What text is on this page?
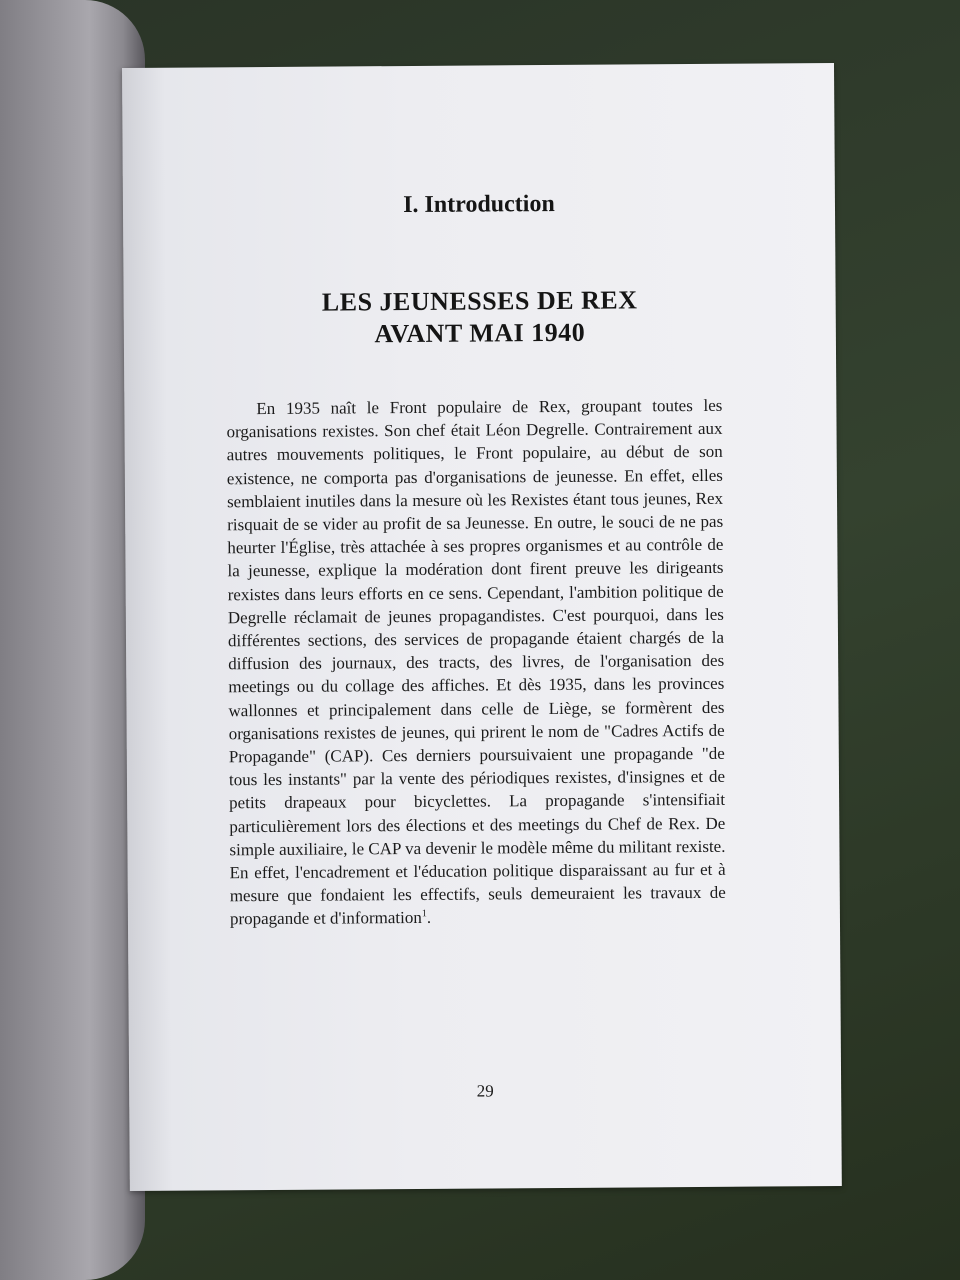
I. Introduction
LES JEUNESSES DE REX
AVANT MAI 1940

En 1935 naît le Front populaire de Rex, groupant toutes les organisations rexistes. Son chef était Léon Degrelle. Contrairement aux autres mouvements politiques, le Front populaire, au début de son existence, ne comporta pas d'organisations de jeunesse. En effet, elles semblaient inutiles dans la mesure où les Rexistes étant tous jeunes, Rex risquait de se vider au profit de sa Jeunesse. En outre, le souci de ne pas heurter l'Église, très attachée à ses propres organismes et au contrôle de la jeunesse, explique la modération dont firent preuve les dirigeants rexistes dans leurs efforts en ce sens. Cependant, l'ambition politique de Degrelle réclamait de jeunes propagandistes. C'est pourquoi, dans les différentes sections, des services de propagande étaient chargés de la diffusion des journaux, des tracts, des livres, de l'organisation des meetings ou du collage des affiches. Et dès 1935, dans les provinces wallonnes et principalement dans celle de Liège, se formèrent des organisations rexistes de jeunes, qui prirent le nom de "Cadres Actifs de Propagande" (CAP). Ces derniers poursuivaient une propagande "de tous les instants" par la vente des périodiques rexistes, d'insignes et de petits drapeaux pour bicyclettes. La propagande s'intensifiait particulièrement lors des élections et des meetings du Chef de Rex. De simple auxiliaire, le CAP va devenir le modèle même du militant rexiste. En effet, l'encadrement et l'éducation politique disparaissant au fur et à mesure que fondaient les effectifs, seuls demeuraient les travaux de propagande et d'information$^1$.

29
